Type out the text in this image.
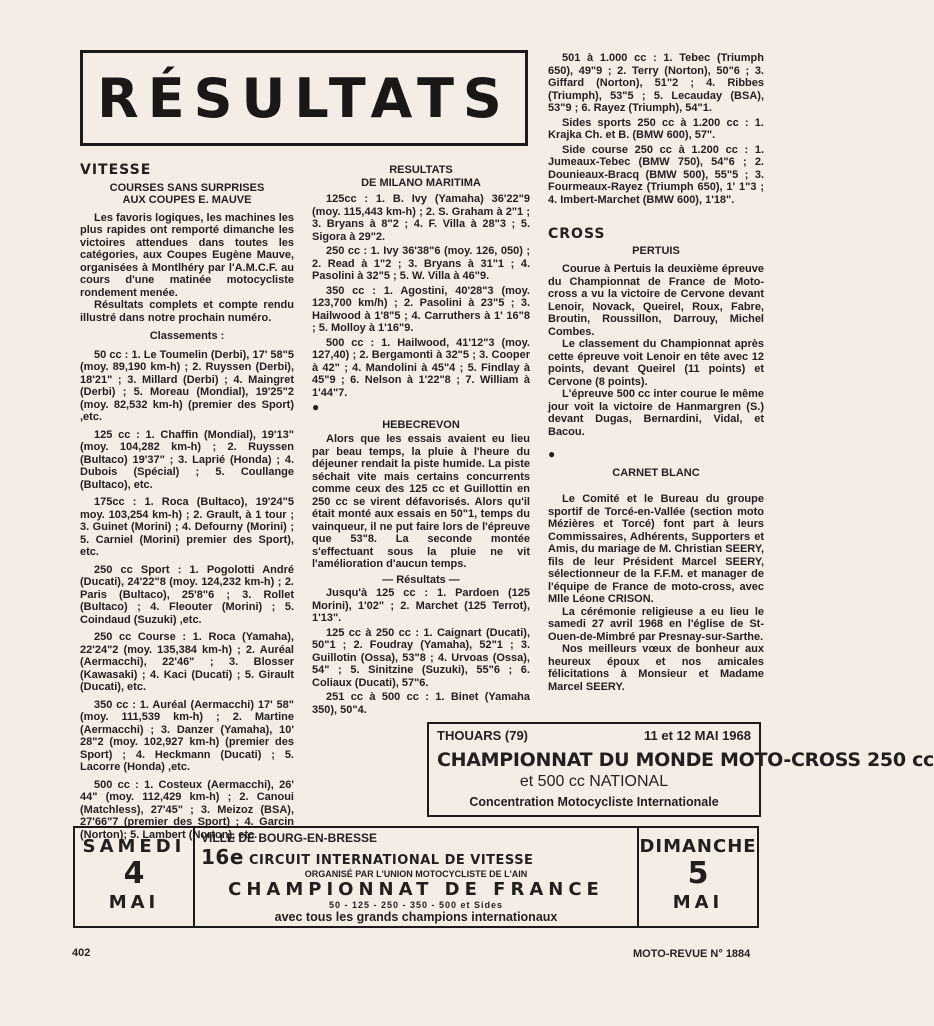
RÉSULTATS

VITESSE

COURSES SANS SURPRISES

AUX COUPES E. MAUVE

Les favoris logiques, les machines les plus rapides ont remporté dimanche les victoires attendues dans toutes les catégories, aux Coupes Eugène Mauve, organisées à Montlhéry par l'A.M.C.F. au cours d'une matinée motocycliste rondement menée.

Résultats complets et compte rendu illustré dans notre prochain numéro.

Classements :

50 cc : 1. Le Toumelin (Derbi), 17' 58"5 (moy. 89,190 km-h) ; 2. Ruyssen (Derbi), 18'21" ; 3. Millard (Derbi) ; 4. Maingret (Derbi) ; 5. Moreau (Mondial), 19'25"2 (moy. 82,532 km-h) (premier des Sport) ,etc.

125 cc : 1. Chaffin (Mondial), 19'13" (moy. 104,282 km-h) ; 2. Ruyssen (Bultaco) 19'37" ; 3. Laprié (Honda) ; 4. Dubois (Spécial) ; 5. Coullange (Bultaco), etc.

175cc : 1. Roca (Bultaco), 19'24"5 moy. 103,254 km-h) ; 2. Grault, à 1 tour ; 3. Guinet (Morini) ; 4. Defourny (Morini) ; 5. Carniel (Morini) premier des Sport), etc.

250 cc Sport : 1. Pogolotti André (Ducati), 24'22"8 (moy. 124,232 km-h) ; 2. Paris (Bultaco), 25'8"6 ; 3. Rollet (Bultaco) ; 4. Fleouter (Morini) ; 5. Coindaud (Suzuki) ,etc.

250 cc Course : 1. Roca (Yamaha), 22'24"2 (moy. 135,384 km-h) ; 2. Auréal (Aermacchi), 22'46" ; 3. Blosser (Kawasaki) ; 4. Kaci (Ducati) ; 5. Girault (Ducati), etc.

350 cc : 1. Auréal (Aermacchi) 17' 58" (moy. 111,539 km-h) ; 2. Martine (Aermacchi) ; 3. Danzer (Yamaha), 10' 28"2 (moy. 102,927 km-h) (premier des Sport) ; 4. Heckmann (Ducati) ; 5. Lacorre (Honda) ,etc.

500 cc : 1. Costeux (Aermacchi), 26' 44" (moy. 112,429 km-h) ; 2. Canoui (Matchless), 27'45" ; 3. Meizoz (BSA), 27'66"7 (premier des Sport) ; 4. Garcin (Norton); 5. Lambert (Norton), etc.

RESULTATS

DE MILANO MARITIMA

125cc : 1. B. Ivy (Yamaha) 36'22"9 (moy. 115,443 km-h) ; 2. S. Graham à 2"1 ; 3. Bryans à 8"2 ; 4. F. Villa à 28"3 ; 5. Sigora à 29"2.

250 cc : 1. Ivy 36'38"6 (moy. 126, 050) ; 2. Read à 1"2 ; 3. Bryans à 31"1 ; 4. Pasolini à 32"5 ; 5. W. Villa à 46"9.

350 cc : 1. Agostini, 40'28"3 (moy. 123,700 km/h) ; 2. Pasolini à 23"5 ; 3. Hailwood à 1'8"5 ; 4. Carruthers à 1' 16"8 ; 5. Molloy à 1'16"9.

500 cc : 1. Hailwood, 41'12"3 (moy. 127,40) ; 2. Bergamonti à 32"5 ; 3. Cooper à 42" ; 4. Mandolini à 45"4 ; 5. Findlay à 45"9 ; 6. Nelson à 1'22"8 ; 7. William à 1'44"7.

●

HEBECREVON

Alors que les essais avaient eu lieu par beau temps, la pluie à l'heure du déjeuner rendait la piste humide. La piste séchait vite mais certains concurrents comme ceux des 125 cc et Guillottin en 250 cc se virent défavorisés. Alors qu'il était monté aux essais en 50"1, temps du vainqueur, il ne put faire lors de l'épreuve que 53"8. La seconde montée s'effectuant sous la pluie ne vit l'amélioration d'aucun temps.

— Résultats —

Jusqu'à 125 cc : 1. Pardoen (125 Morini), 1'02" ; 2. Marchet (125 Terrot), 1'13".

125 cc à 250 cc : 1. Caignart (Ducati), 50"1 ; 2. Foudray (Yamaha), 52"1 ; 3. Guillotin (Ossa), 53"8 ; 4. Urvoas (Ossa), 54" ; 5. Sinitzine (Suzuki), 55"6 ; 6. Coliaux (Ducati), 57"6.

251 cc à 500 cc : 1. Binet (Yamaha 350), 50"4.

501 à 1.000 cc : 1. Tebec (Triumph 650), 49"9 ; 2. Terry (Norton), 50"6 ; 3. Giffard (Norton), 51"2 ; 4. Ribbes (Triumph), 53"5 ; 5. Lecauday (BSA), 53"9 ; 6. Rayez (Triumph), 54"1.

Sides sports 250 cc à 1.200 cc : 1. Krajka Ch. et B. (BMW 600), 57".

Side course 250 cc à 1.200 cc : 1. Jumeaux-Tebec (BMW 750), 54"6 ; 2. Dounieaux-Bracq (BMW 500), 55"5 ; 3. Fourmeaux-Rayez (Triumph 650), 1' 1"3 ; 4. Imbert-Marchet (BMW 600), 1'18".

CROSS

PERTUIS

Courue à Pertuis la deuxième épreuve du Championnat de France de Moto-cross a vu la victoire de Cervone devant Lenoir, Novack, Queirel, Roux, Fabre, Broutin, Roussillon, Darrouy, Michel Combes.

Le classement du Championnat après cette épreuve voit Lenoir en tête avec 12 points, devant Queirel (11 points) et Cervone (8 points).

L'épreuve 500 cc inter courue le même jour voit la victoire de Hanmargren (S.) devant Dugas, Bernardini, Vidal, et Bacou.

●

CARNET BLANC

Le Comité et le Bureau du groupe sportif de Torcé-en-Vallée (section moto Mézières et Torcé) font part à leurs Commissaires, Adhérents, Supporters et Amis, du mariage de M. Christian SEERY, fils de leur Président Marcel SEERY, sélectionneur de la F.F.M. et manager de l'équipe de France de moto-cross, avec Mlle Léone CRISON.

La cérémonie religieuse a eu lieu le samedi 27 avril 1968 en l'église de St-Ouen-de-Mimbré par Presnay-sur-Sarthe.

Nos meilleurs vœux de bonheur aux heureux époux et nos amicales félicitations à Monsieur et Madame Marcel SEERY.

THOUARS (79)	11 et 12 MAI 1968
CHAMPIONNAT DU MONDE MOTO-CROSS 250 cc
et 500 cc NATIONAL
Concentration Motocycliste Internationale
SAMEDI
4
MAI
VILLE DE BOURG-EN-BRESSE
16e CIRCUIT INTERNATIONAL DE VITESSE
ORGANISÉ PAR L'UNION MOTOCYCLISTE DE L'AIN
CHAMPIONNAT DE FRANCE
50 - 125 - 250 - 350 - 500 et Sides
avec tous les grands champions internationaux
DIMANCHE
5
MAI
402	MOTO-REVUE N° 1884
